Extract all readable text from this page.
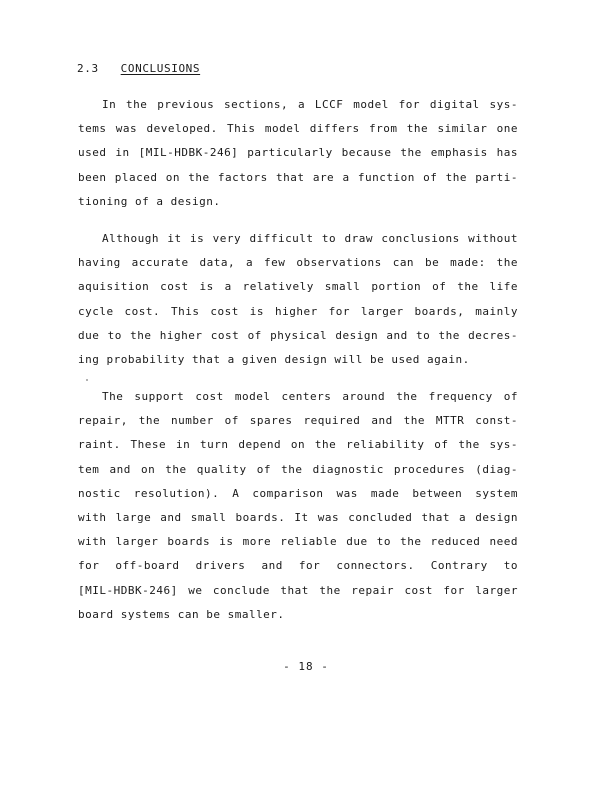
2.3 CONCLUSIONS
In the previous sections, a LCCF model for digital sys-
tems was developed. This model differs from the similar one
used in [MIL-HDBK-246] particularly because the emphasis has
been placed on the factors that are a function of the parti-
tioning of a design.
Although it is very difficult to draw conclusions without
having accurate data, a few observations can be made: the
aquisition cost is a relatively small portion of the life
cycle cost. This cost is higher for larger boards, mainly
due to the higher cost of physical design and to the decres-
ing probability that a given design will be used again.
The support cost model centers around the frequency of
repair, the number of spares required and the MTTR const-
raint. These in turn depend on the reliability of the sys-
tem and on the quality of the diagnostic procedures (diag-
nostic resolution). A comparison was made between system
with large and small boards. It was concluded that a design
with larger boards is more reliable due to the reduced need
for off-board drivers and for connectors. Contrary to
[MIL-HDBK-246] we conclude that the repair cost for larger
board systems can be smaller.
- 18 -
